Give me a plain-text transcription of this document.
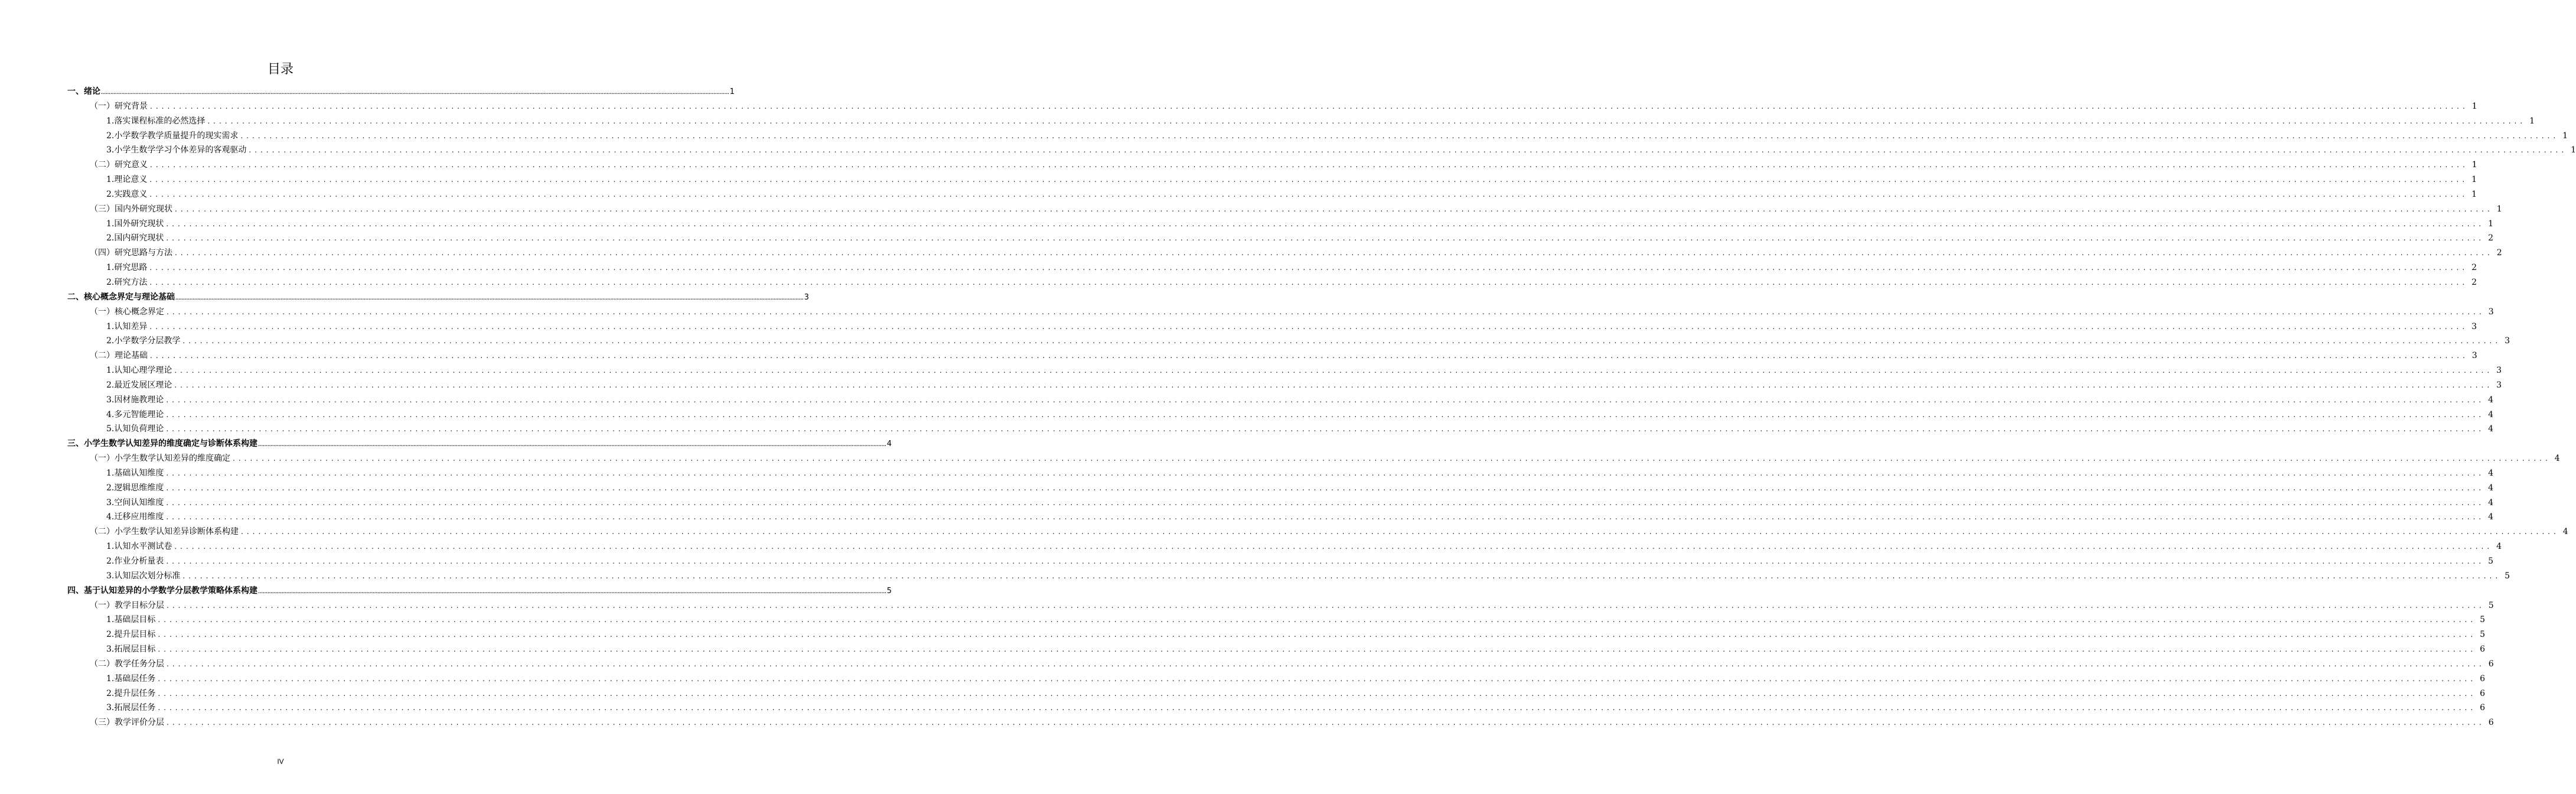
目录
一、绪论 ................................................................................................................................................................................................................................................................................................................................................................................................................ 1
（一）研究背景 ................................................................................................................................................................................................................................................................................................................................................................................................................ 1
1.落实课程标准的必然选择 ................................................................................................................................................................................................................................................................................................................................................................................................................ 1
2.小学数学教学质量提升的现实需求 ................................................................................................................................................................................................................................................................................................................................................................................................................ 1
3.小学生数学学习个体差异的客观驱动 ................................................................................................................................................................................................................................................................................................................................................................................................................ 1
（二）研究意义 ................................................................................................................................................................................................................................................................................................................................................................................................................ 1
1.理论意义 ................................................................................................................................................................................................................................................................................................................................................................................................................ 1
2.实践意义 ................................................................................................................................................................................................................................................................................................................................................................................................................ 1
（三）国内外研究现状 ................................................................................................................................................................................................................................................................................................................................................................................................................ 1
1.国外研究现状 ................................................................................................................................................................................................................................................................................................................................................................................................................ 1
2.国内研究现状 ................................................................................................................................................................................................................................................................................................................................................................................................................ 2
（四）研究思路与方法 ................................................................................................................................................................................................................................................................................................................................................................................................................ 2
1.研究思路 ................................................................................................................................................................................................................................................................................................................................................................................................................ 2
2.研究方法 ................................................................................................................................................................................................................................................................................................................................................................................................................ 2
二、核心概念界定与理论基础 ................................................................................................................................................................................................................................................................................................................................................................................................................ 3
（一）核心概念界定 ................................................................................................................................................................................................................................................................................................................................................................................................................ 3
1.认知差异 ................................................................................................................................................................................................................................................................................................................................................................................................................ 3
2.小学数学分层教学 ................................................................................................................................................................................................................................................................................................................................................................................................................ 3
（二）理论基础 ................................................................................................................................................................................................................................................................................................................................................................................................................ 3
1.认知心理学理论 ................................................................................................................................................................................................................................................................................................................................................................................................................ 3
2.最近发展区理论 ................................................................................................................................................................................................................................................................................................................................................................................................................ 3
3.因材施教理论 ................................................................................................................................................................................................................................................................................................................................................................................................................ 4
4.多元智能理论 ................................................................................................................................................................................................................................................................................................................................................................................................................ 4
5.认知负荷理论 ................................................................................................................................................................................................................................................................................................................................................................................................................ 4
三、小学生数学认知差异的维度确定与诊断体系构建 ................................................................................................................................................................................................................................................................................................................................................................................................................ 4
（一）小学生数学认知差异的维度确定 ................................................................................................................................................................................................................................................................................................................................................................................................................ 4
1.基础认知维度 ................................................................................................................................................................................................................................................................................................................................................................................................................ 4
2.逻辑思维维度 ................................................................................................................................................................................................................................................................................................................................................................................................................ 4
3.空间认知维度 ................................................................................................................................................................................................................................................................................................................................................................................................................ 4
4.迁移应用维度 ................................................................................................................................................................................................................................................................................................................................................................................................................ 4
（二）小学生数学认知差异诊断体系构建 ................................................................................................................................................................................................................................................................................................................................................................................................................ 4
1.认知水平测试卷 ................................................................................................................................................................................................................................................................................................................................................................................................................ 4
2.作业分析量表 ................................................................................................................................................................................................................................................................................................................................................................................................................ 5
3.认知层次划分标准 ................................................................................................................................................................................................................................................................................................................................................................................................................ 5
四、基于认知差异的小学数学分层教学策略体系构建 ................................................................................................................................................................................................................................................................................................................................................................................................................ 5
（一）教学目标分层 ................................................................................................................................................................................................................................................................................................................................................................................................................ 5
1.基础层目标 ................................................................................................................................................................................................................................................................................................................................................................................................................ 5
2.提升层目标 ................................................................................................................................................................................................................................................................................................................................................................................................................ 5
3.拓展层目标 ................................................................................................................................................................................................................................................................................................................................................................................................................ 6
（二）教学任务分层 ................................................................................................................................................................................................................................................................................................................................................................................................................ 6
1.基础层任务 ................................................................................................................................................................................................................................................................................................................................................................................................................ 6
2.提升层任务 ................................................................................................................................................................................................................................................................................................................................................................................................................ 6
3.拓展层任务 ................................................................................................................................................................................................................................................................................................................................................................................................................ 6
（三）教学评价分层 ................................................................................................................................................................................................................................................................................................................................................................................................................ 6
IV
